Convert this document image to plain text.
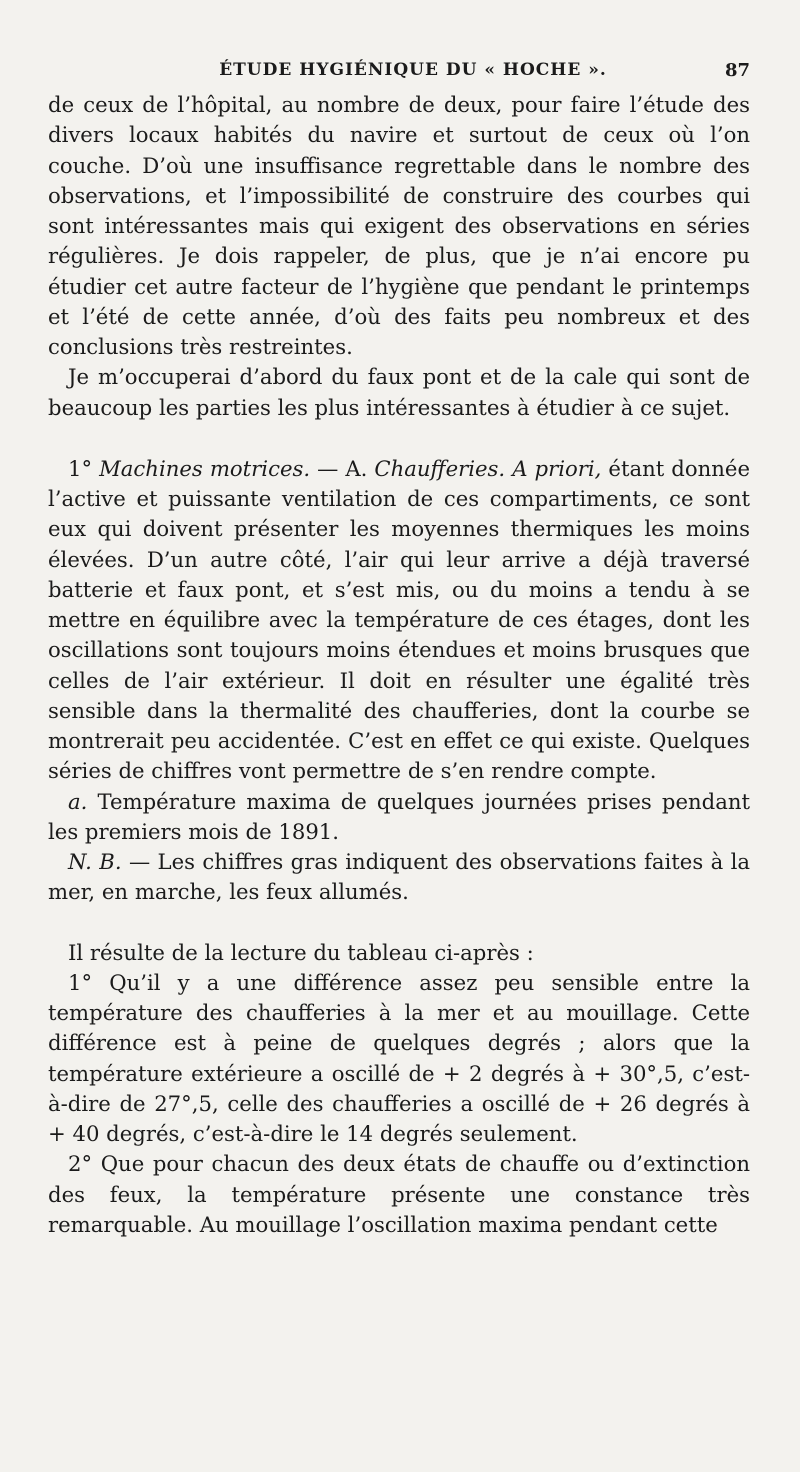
ÉTUDE HYGIÉNIQUE DU « HOCHE ».	87

de ceux de l’hôpital, au nombre de deux, pour faire l’étude des divers locaux habités du navire et surtout de ceux où l’on couche. D’où une insuffisance regrettable dans le nombre des observations, et l’impossibilité de construire des courbes qui sont intéressantes mais qui exigent des observations en séries régulières. Je dois rappeler, de plus, que je n’ai encore pu étudier cet autre facteur de l’hygiène que pendant le printemps et l’été de cette année, d’où des faits peu nombreux et des conclusions très restreintes.

Je m’occuperai d’abord du faux pont et de la cale qui sont de beaucoup les parties les plus intéressantes à étudier à ce sujet.

1° Machines motrices. — A. Chaufferies. A priori, étant donnée l’active et puissante ventilation de ces compartiments, ce sont eux qui doivent présenter les moyennes thermiques les moins élevées. D’un autre côté, l’air qui leur arrive a déjà traversé batterie et faux pont, et s’est mis, ou du moins a tendu à se mettre en équilibre avec la température de ces étages, dont les oscillations sont toujours moins étendues et moins brusques que celles de l’air extérieur. Il doit en résulter une égalité très sensible dans la thermalité des chaufferies, dont la courbe se montrerait peu accidentée. C’est en effet ce qui existe. Quelques séries de chiffres vont permettre de s’en rendre compte.

a. Température maxima de quelques journées prises pendant les premiers mois de 1891.

N. B. — Les chiffres gras indiquent des observations faites à la mer, en marche, les feux allumés.

Il résulte de la lecture du tableau ci-après :

1° Qu’il y a une différence assez peu sensible entre la température des chaufferies à la mer et au mouillage. Cette différence est à peine de quelques degrés ; alors que la température extérieure a oscillé de + 2 degrés à + 30°,5, c’est-à-dire de 27°,5, celle des chaufferies a oscillé de + 26 degrés à + 40 degrés, c’est-à-dire le 14 degrés seulement.

2° Que pour chacun des deux états de chauffe ou d’extinction des feux, la température présente une constance très remarquable. Au mouillage l’oscillation maxima pendant cette
